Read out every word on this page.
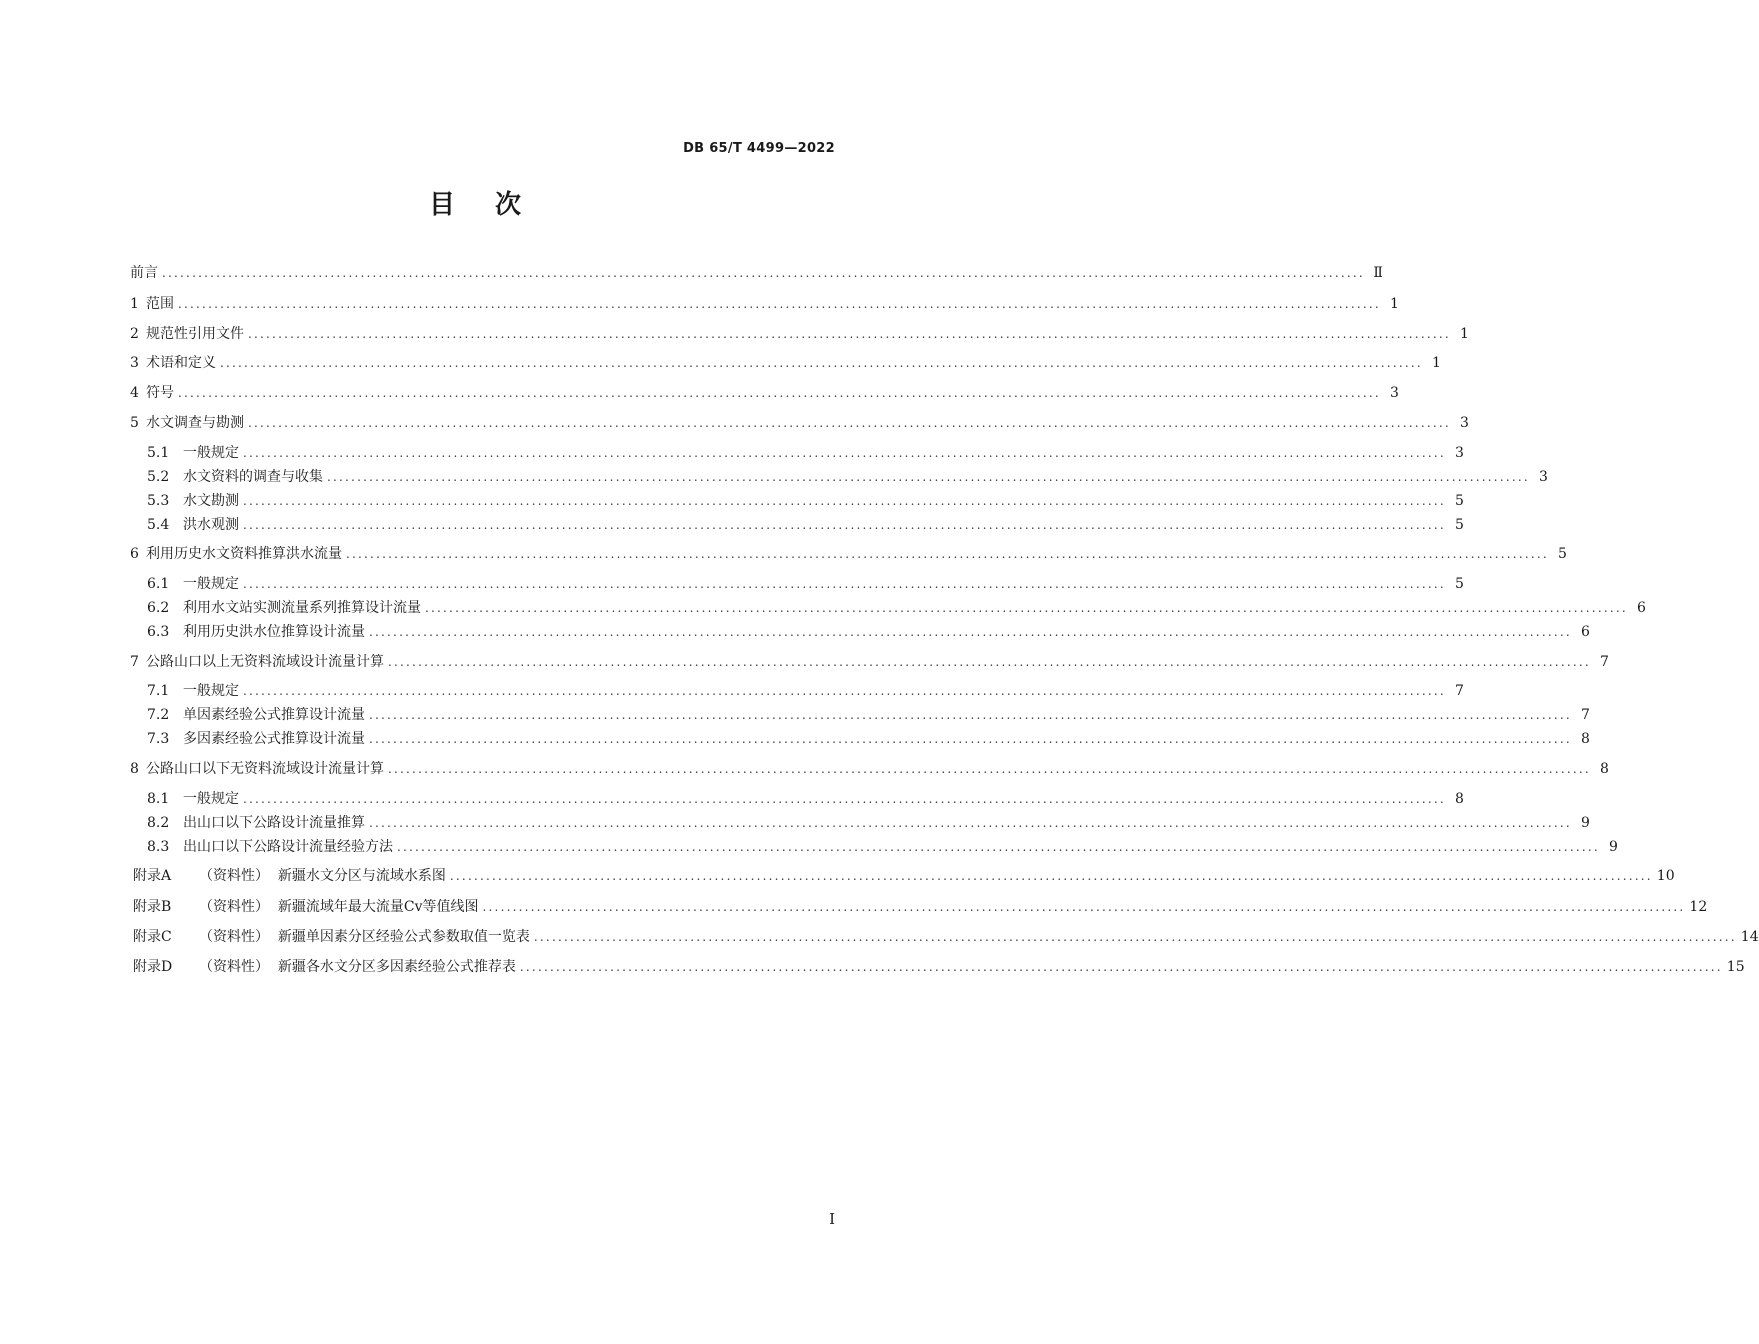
DB 65/T 4499—2022
目 次
前言 ........................................................................................................................................................................................................ Ⅱ
1 范围 ........................................................................................................................................................................................................ 1
2 规范性引用文件 ........................................................................................................................................................................................................ 1
3 术语和定义 ........................................................................................................................................................................................................ 1
4 符号 ........................................................................................................................................................................................................ 3
5 水文调查与勘测 ........................................................................................................................................................................................................ 3
5.1 一般规定 ........................................................................................................................................................................................................ 3
5.2 水文资料的调查与收集 ........................................................................................................................................................................................................ 3
5.3 水文勘测 ........................................................................................................................................................................................................ 5
5.4 洪水观测 ........................................................................................................................................................................................................ 5
6 利用历史水文资料推算洪水流量 ........................................................................................................................................................................................................ 5
6.1 一般规定 ........................................................................................................................................................................................................ 5
6.2 利用水文站实测流量系列推算设计流量 ........................................................................................................................................................................................................ 6
6.3 利用历史洪水位推算设计流量 ........................................................................................................................................................................................................ 6
7 公路山口以上无资料流域设计流量计算 ........................................................................................................................................................................................................ 7
7.1 一般规定 ........................................................................................................................................................................................................ 7
7.2 单因素经验公式推算设计流量 ........................................................................................................................................................................................................ 7
7.3 多因素经验公式推算设计流量 ........................................................................................................................................................................................................ 8
8 公路山口以下无资料流域设计流量计算 ........................................................................................................................................................................................................ 8
8.1 一般规定 ........................................................................................................................................................................................................ 8
8.2 出山口以下公路设计流量推算 ........................................................................................................................................................................................................ 9
8.3 出山口以下公路设计流量经验方法 ........................................................................................................................................................................................................ 9
附录A	（资料性）  新疆水文分区与流域水系图 ........................................................................................................................................................................................................ 10
附录B	（资料性）  新疆流域年最大流量Cv等值线图 ........................................................................................................................................................................................................ 12
附录C	（资料性）  新疆单因素分区经验公式参数取值一览表 ........................................................................................................................................................................................................ 14
附录D	（资料性）  新疆各水文分区多因素经验公式推荐表 ........................................................................................................................................................................................................ 15
I
